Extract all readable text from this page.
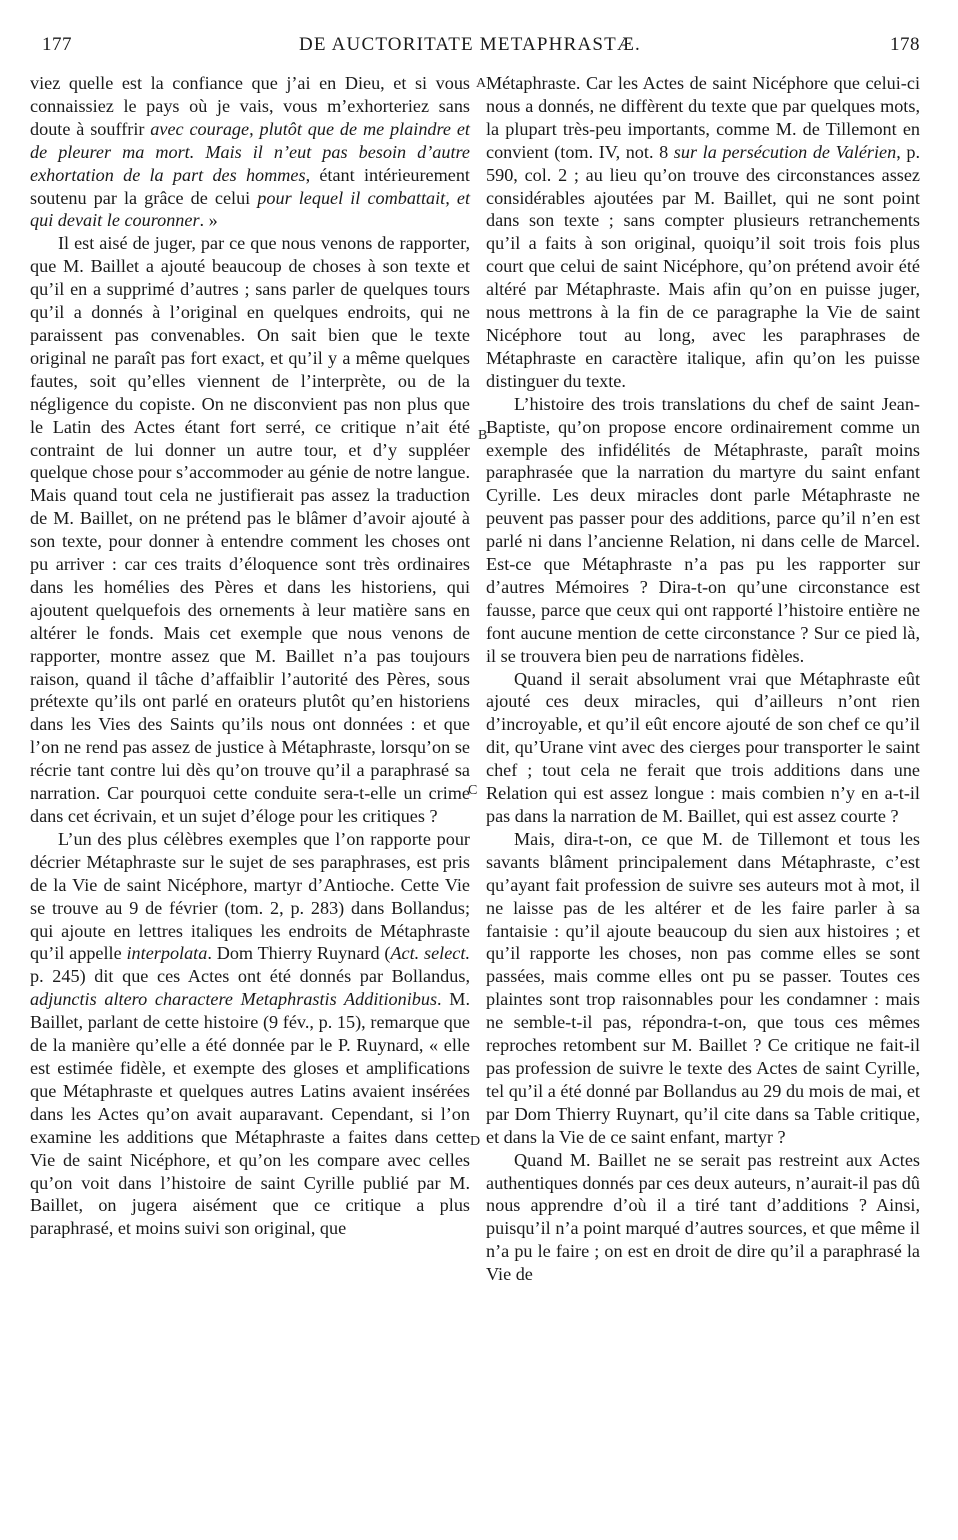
177	DE AUCTORITATE METAPHRASTÆ.	178
A
B
C
D

viez quelle est la confiance que j’ai en Dieu, et si vous connaissiez le pays où je vais, vous m’exhorteriez sans doute à souffrir avec courage, plutôt que de me plaindre et de pleurer ma mort. Mais il n’eut pas besoin d’autre exhortation de la part des hommes, étant intérieurement soutenu par la grâce de celui pour lequel il combattait, et qui devait le couronner. »

Il est aisé de juger, par ce que nous venons de rapporter, que M. Baillet a ajouté beaucoup de choses à son texte et qu’il en a supprimé d’autres ; sans parler de quelques tours qu’il a donnés à l’original en quelques endroits, qui ne paraissent pas convenables. On sait bien que le texte original ne paraît pas fort exact, et qu’il y a même quelques fautes, soit qu’elles viennent de l’interprète, ou de la négligence du copiste. On ne disconvient pas non plus que le Latin des Actes étant fort serré, ce critique n’ait été contraint de lui donner un autre tour, et d’y suppléer quelque chose pour s’accommoder au génie de notre langue. Mais quand tout cela ne justifierait pas assez la traduction de M. Baillet, on ne prétend pas le blâmer d’avoir ajouté à son texte, pour donner à entendre comment les choses ont pu arriver : car ces traits d’éloquence sont très ordinaires dans les homélies des Pères et dans les historiens, qui ajoutent quelquefois des ornements à leur matière sans en altérer le fonds. Mais cet exemple que nous venons de rapporter, montre assez que M. Baillet n’a pas toujours raison, quand il tâche d’affaiblir l’autorité des Pères, sous prétexte qu’ils ont parlé en orateurs plutôt qu’en historiens dans les Vies des Saints qu’ils nous ont données : et que l’on ne rend pas assez de justice à Métaphraste, lorsqu’on se récrie tant contre lui dès qu’on trouve qu’il a paraphrasé sa narration. Car pourquoi cette conduite sera-t-elle un crime dans cet écrivain, et un sujet d’éloge pour les critiques ?

L’un des plus célèbres exemples que l’on rapporte pour décrier Métaphraste sur le sujet de ses paraphrases, est pris de la Vie de saint Nicéphore, martyr d’Antioche. Cette Vie se trouve au 9 de février (tom. 2, p. 283) dans Bollandus; qui ajoute en lettres italiques les endroits de Métaphraste qu’il appelle interpolata. Dom Thierry Ruynard (Act. select. p. 245) dit que ces Actes ont été donnés par Bollandus, adjunctis altero charactere Metaphrastis Additionibus. M. Baillet, parlant de cette histoire (9 fév., p. 15), remarque que de la manière qu’elle a été donnée par le P. Ruynard, « elle est estimée fidèle, et exempte des gloses et amplifications que Métaphraste et quelques autres Latins avaient insérées dans les Actes qu’on avait auparavant. Cependant, si l’on examine les additions que Métaphraste a faites dans cette Vie de saint Nicéphore, et qu’on les compare avec celles qu’on voit dans l’histoire de saint Cyrille publié par M. Baillet, on jugera aisément que ce critique a plus paraphrasé, et moins suivi son original, que

Métaphraste. Car les Actes de saint Nicéphore que celui-ci nous a donnés, ne diffèrent du texte que par quelques mots, la plupart très-peu importants, comme M. de Tillemont en convient (tom. IV, not. 8 sur la persécution de Valérien, p. 590, col. 2 ; au lieu qu’on trouve des circonstances assez considérables ajoutées par M. Baillet, qui ne sont point dans son texte ; sans compter plusieurs retranchements qu’il a faits à son original, quoiqu’il soit trois fois plus court que celui de saint Nicéphore, qu’on prétend avoir été altéré par Métaphraste. Mais afin qu’on en puisse juger, nous mettrons à la fin de ce paragraphe la Vie de saint Nicéphore tout au long, avec les paraphrases de Métaphraste en caractère italique, afin qu’on les puisse distinguer du texte.

L’histoire des trois translations du chef de saint Jean-Baptiste, qu’on propose encore ordinairement comme un exemple des infidélités de Métaphraste, paraît moins paraphrasée que la narration du martyre du saint enfant Cyrille. Les deux miracles dont parle Métaphraste ne peuvent pas passer pour des additions, parce qu’il n’en est parlé ni dans l’ancienne Relation, ni dans celle de Marcel. Est-ce que Métaphraste n’a pas pu les rapporter sur d’autres Mémoires ? Dira-t-on qu’une circonstance est fausse, parce que ceux qui ont rapporté l’histoire entière ne font aucune mention de cette circonstance ? Sur ce pied là, il se trouvera bien peu de narrations fidèles.

Quand il serait absolument vrai que Métaphraste eût ajouté ces deux miracles, qui d’ailleurs n’ont rien d’incroyable, et qu’il eût encore ajouté de son chef ce qu’il dit, qu’Urane vint avec des cierges pour transporter le saint chef ; tout cela ne ferait que trois additions dans une Relation qui est assez longue : mais combien n’y en a-t-il pas dans la narration de M. Baillet, qui est assez courte ?

Mais, dira-t-on, ce que M. de Tillemont et tous les savants blâment principalement dans Métaphraste, c’est qu’ayant fait profession de suivre ses auteurs mot à mot, il ne laisse pas de les altérer et de les faire parler à sa fantaisie : qu’il ajoute beaucoup du sien aux histoires ; et qu’il rapporte les choses, non pas comme elles se sont passées, mais comme elles ont pu se passer. Toutes ces plaintes sont trop raisonnables pour les condamner : mais ne semble-t-il pas, répondra-t-on, que tous ces mêmes reproches retombent sur M. Baillet ? Ce critique ne fait-il pas profession de suivre le texte des Actes de saint Cyrille, tel qu’il a été donné par Bollandus au 29 du mois de mai, et par Dom Thierry Ruynart, qu’il cite dans sa Table critique, et dans la Vie de ce saint enfant, martyr ?

Quand M. Baillet ne se serait pas restreint aux Actes authentiques donnés par ces deux auteurs, n’aurait-il pas dû nous apprendre d’où il a tiré tant d’additions ? Ainsi, puisqu’il n’a point marqué d’autres sources, et que même il n’a pu le faire ; on est en droit de dire qu’il a paraphrasé la Vie de
